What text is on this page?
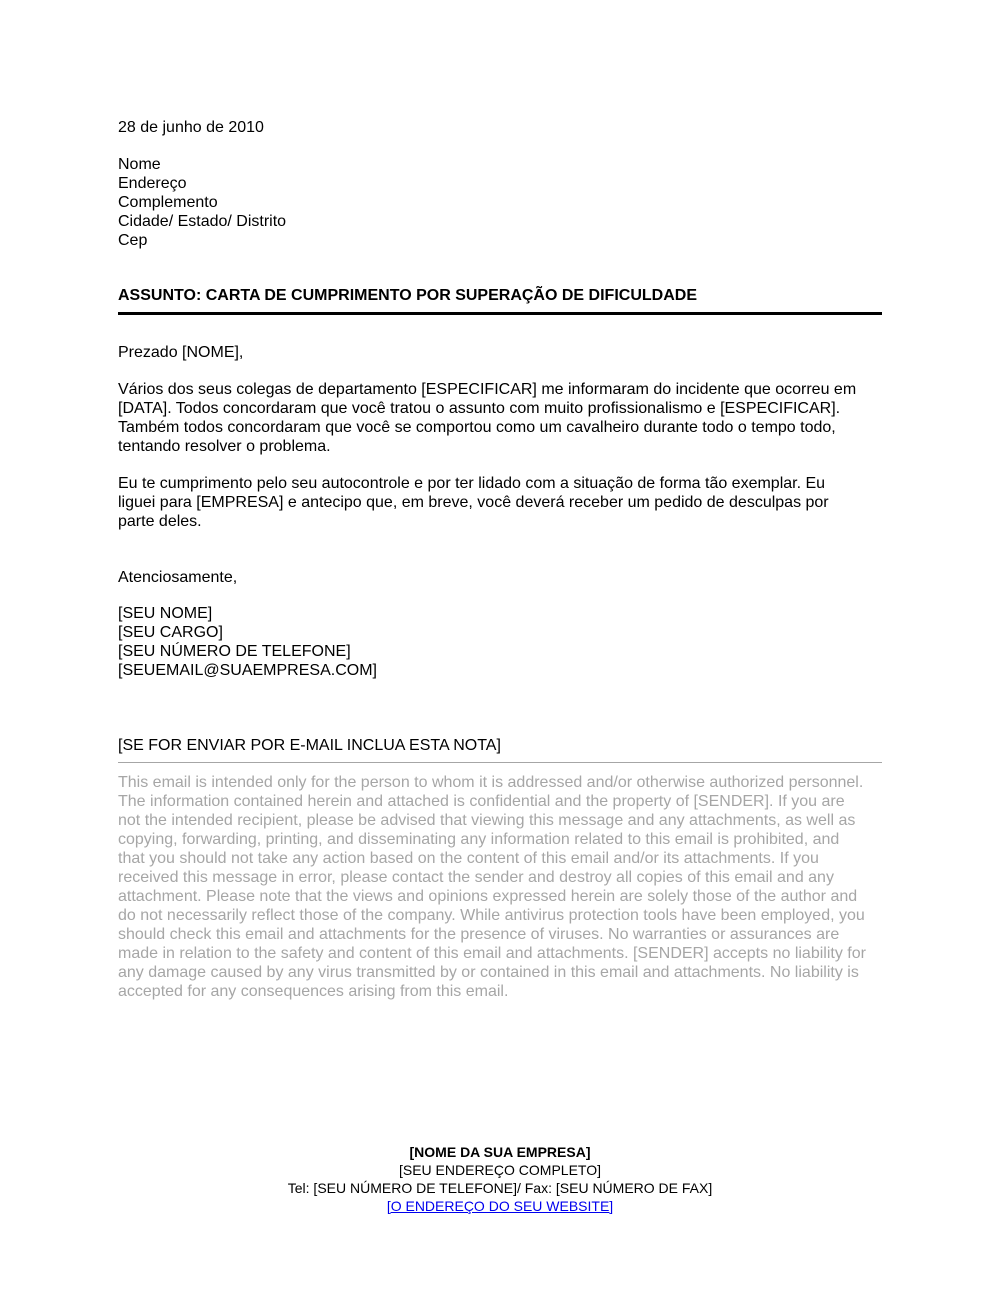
28 de junho de 2010
Nome
Endereço
Complemento
Cidade/ Estado/ Distrito
Cep
ASSUNTO: CARTA DE CUMPRIMENTO POR SUPERAÇÃO DE DIFICULDADE
Prezado [NOME],
Vários dos seus colegas de departamento [ESPECIFICAR] me informaram do incidente que ocorreu em
[DATA]. Todos concordaram que você tratou o assunto com muito profissionalismo e [ESPECIFICAR].
Também todos concordaram que você se comportou como um cavalheiro durante todo o tempo todo,
tentando resolver o problema.
Eu te cumprimento pelo seu autocontrole e por ter lidado com a situação de forma tão exemplar. Eu
liguei para [EMPRESA] e antecipo que, em breve, você deverá receber um pedido de desculpas por
parte deles.
Atenciosamente,
[SEU NOME]
[SEU CARGO]
[SEU NÚMERO DE TELEFONE]
[SEUEMAIL@SUAEMPRESA.COM]
[SE FOR ENVIAR POR E-MAIL INCLUA ESTA NOTA]
This email is intended only for the person to whom it is addressed and/or otherwise authorized personnel.
The information contained herein and attached is confidential and the property of [SENDER]. If you are
not the intended recipient, please be advised that viewing this message and any attachments, as well as
copying, forwarding, printing, and disseminating any information related to this email is prohibited, and
that you should not take any action based on the content of this email and/or its attachments. If you
received this message in error, please contact the sender and destroy all copies of this email and any
attachment. Please note that the views and opinions expressed herein are solely those of the author and
do not necessarily reflect those of the company. While antivirus protection tools have been employed, you
should check this email and attachments for the presence of viruses. No warranties or assurances are
made in relation to the safety and content of this email and attachments. [SENDER] accepts no liability for
any damage caused by any virus transmitted by or contained in this email and attachments. No liability is
accepted for any consequences arising from this email.
[NOME DA SUA EMPRESA]
[SEU ENDEREÇO COMPLETO]
Tel: [SEU NÚMERO DE TELEFONE]/ Fax: [SEU NÚMERO DE FAX]
[O ENDEREÇO DO SEU WEBSITE]
